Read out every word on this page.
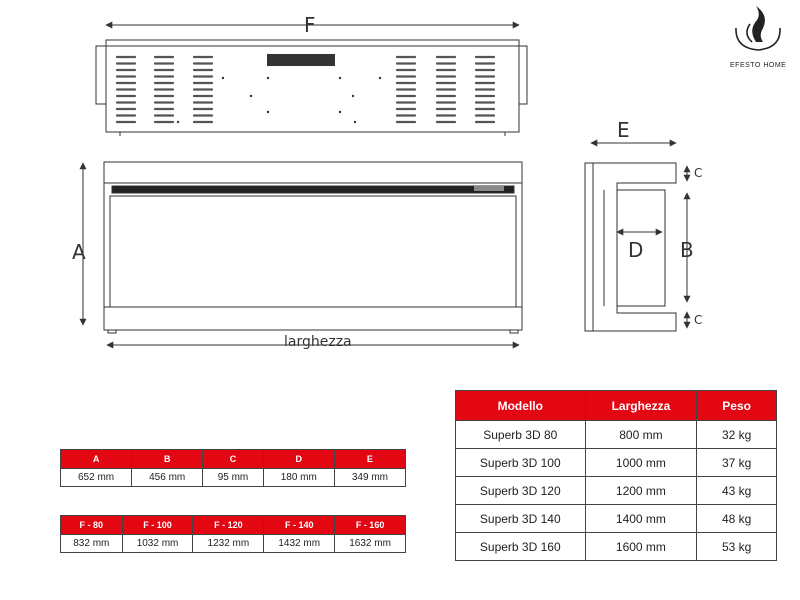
EFESTO HOME
F
A
larghezza
E
D B
C
C
A	B	C	D	E
652 mm	456 mm	95 mm	180 mm	349 mm
F - 80	F - 100	F - 120	F - 140	F - 160
832 mm	1032 mm	1232 mm	1432 mm	1632 mm
Modello	Larghezza	Peso
Superb 3D 80	800 mm	32 kg
Superb 3D 100	1000 mm	37 kg
Superb 3D 120	1200 mm	43 kg
Superb 3D 140	1400 mm	48 kg
Superb 3D 160	1600 mm	53 kg
